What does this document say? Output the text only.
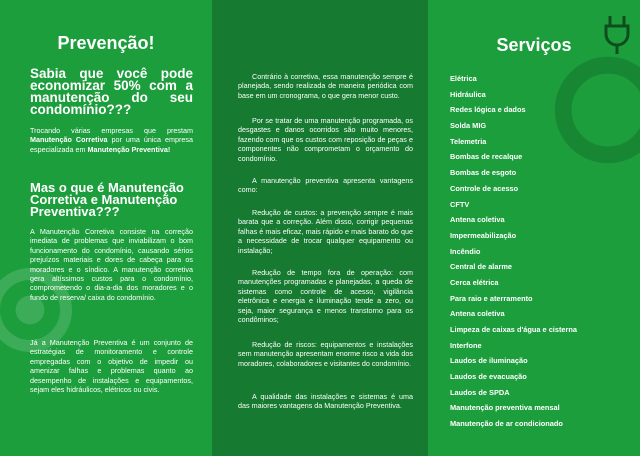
Prevenção!

Sabia que você pode economizar 50% com a manutenção do seu condomínio???

Trocando várias empresas que prestam Manutenção Corretiva por uma única empresa especializada em Manutenção Preventiva!

Mas o que é Manutenção Corretiva e Manutenção Preventiva???

A Manutenção Corretiva consiste na correção imediata de problemas que inviabilizam o bom funcionamento do condomínio, causando sérios prejuízos materiais e dores de cabeça para os moradores e o síndico. A manutenção corretiva gera altíssimos custos para o condomínio, comprometendo o dia-a-dia dos moradores e o fundo de reserva/ caixa do condomínio.

Já a Manutenção Preventiva é um conjunto de estratégias de monitoramento e controle empregadas com o objetivo de impedir ou amenizar falhas e problemas quanto ao desempenho de instalações e equipamentos, sejam eles hidráulicos, elétricos ou civis.

Contrário à corretiva, essa manutenção sempre é planejada, sendo realizada de maneira periódica com base em um cronograma, o que gera menor custo.

Por se tratar de uma manutenção programada, os desgastes e danos ocorridos são muito menores, fazendo com que os custos com reposição de peças e componentes não comprometam o orçamento do condomínio.

A manutenção preventiva apresenta vantagens como:

Redução de custos: a prevenção sempre é mais barata que a correção. Além disso, corrigir pequenas falhas é mais eficaz, mais rápido e mais barato do que a necessidade de trocar qualquer equipamento ou instalação;

Redução de tempo fora de operação: com manutenções programadas e planejadas, a queda de sistemas como controle de acesso, vigilância eletrônica e energia e iluminação tende a zero, ou seja, maior segurança e menos transtorno para os condôminos;

Redução de riscos: equipamentos e instalações sem manutenção apresentam enorme risco a vida dos moradores, colaboradores e visitantes do condomínio.

A qualidade das instalações e sistemas é uma das maiores vantagens da Manutenção Preventiva.

Serviços
Elétrica
Hidráulica
Redes lógica e dados
Solda MIG
Telemetria
Bombas de recalque
Bombas de esgoto
Controle de acesso
CFTV
Antena coletiva
Impermeabilização
Incêndio
Central de alarme
Cerca elétrica
Para raio e aterramento
Antena coletiva
Limpeza de caixas d'água e cisterna
Interfone
Laudos de iluminação
Laudos de evacuação
Laudos de SPDA
Manutenção preventiva mensal
Manutenção de ar condicionado
